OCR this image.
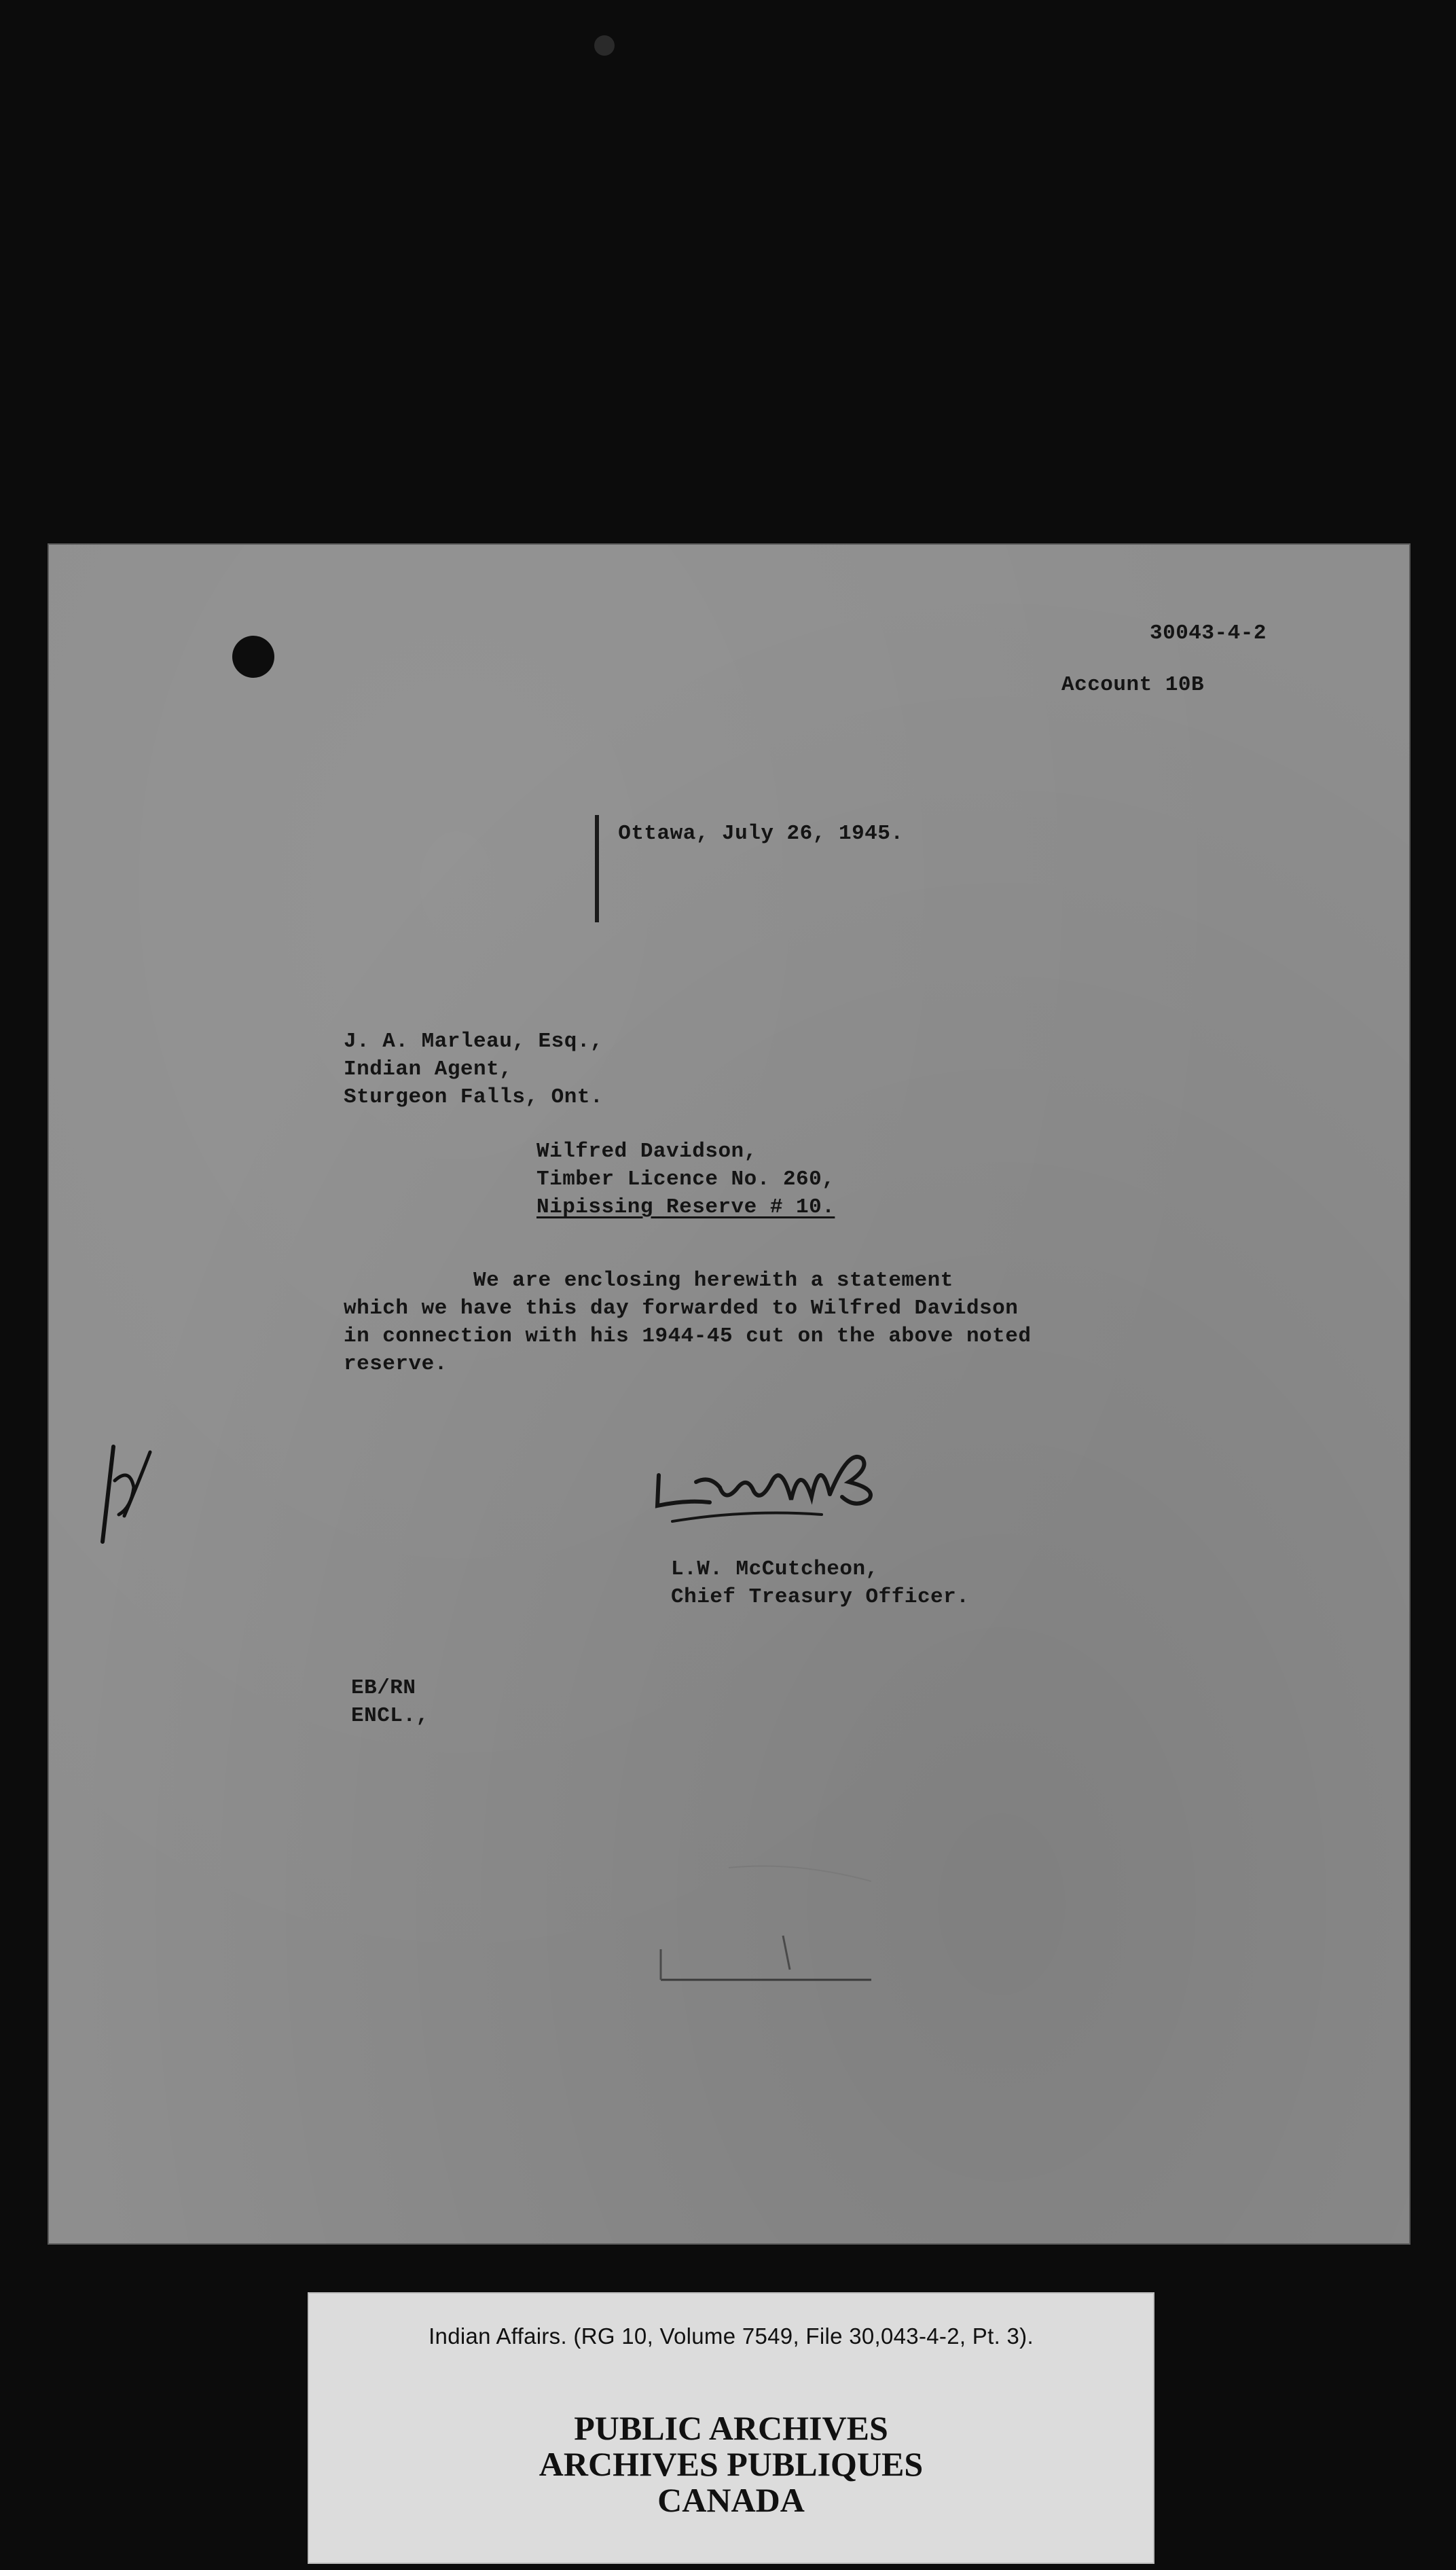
30043-4-2
Account 10B
Ottawa, July 26, 1945.
J. A. Marleau, Esq.,
Indian Agent,
Sturgeon Falls, Ont.
Wilfred Davidson,
Timber Licence No. 260,
Nipissing Reserve # 10.
We are enclosing herewith a statement
which we have this day forwarded to Wilfred Davidson
in connection with his 1944-45 cut on the above noted
reserve.
L.W. McCutcheon,
Chief Treasury Officer.
EB/RN
ENCL.,
Indian Affairs. (RG 10, Volume 7549, File 30,043-4-2, Pt. 3).
PUBLIC ARCHIVES
ARCHIVES PUBLIQUES
CANADA
